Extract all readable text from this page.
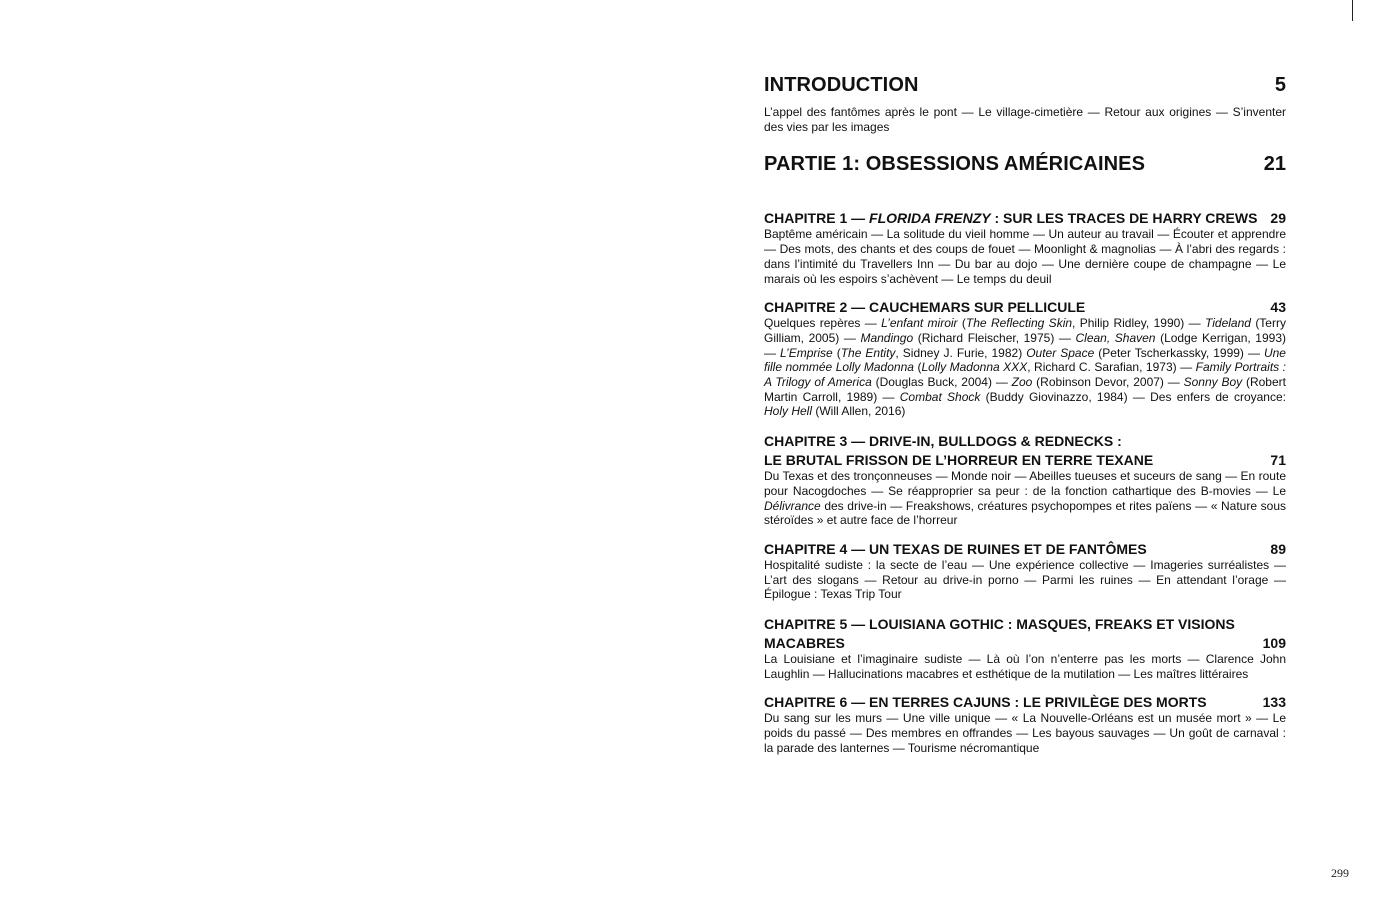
INTRODUCTION	5

L’appel des fantômes après le pont — Le village-cimetière — Retour aux origines — S’inventer des vies par les images

PARTIE 1: OBSESSIONS AMÉRICAINES	21
CHAPITRE 1 — FLORIDA FRENZY : SUR LES TRACES DE HARRY CREWS 29

Baptême américain — La solitude du vieil homme — Un auteur au travail — Écouter et apprendre — Des mots, des chants et des coups de fouet — Moonlight & magnolias — À l’abri des regards : dans l’intimité du Travellers Inn — Du bar au dojo — Une dernière coupe de champagne — Le marais où les espoirs s’achèvent — Le temps du deuil

CHAPITRE 2 — CAUCHEMARS SUR PELLICULE	43

Quelques repères — L’enfant miroir (The Reflecting Skin, Philip Ridley, 1990) — Tideland (Terry Gilliam, 2005) — Mandingo (Richard Fleischer, 1975) — Clean, Shaven (Lodge Kerrigan, 1993) — L’Emprise (The Entity, Sidney J. Furie, 1982) Outer Space (Peter Tscherkassky, 1999) — Une fille nommée Lolly Madonna (Lolly Madonna XXX, Richard C. Sarafian, 1973) — Family Portraits : A Trilogy of America (Douglas Buck, 2004) — Zoo (Robinson Devor, 2007) — Sonny Boy (Robert Martin Carroll, 1989) — Combat Shock (Buddy Giovinazzo, 1984) — Des enfers de croyance: Holy Hell (Will Allen, 2016)

CHAPITRE 3 — DRIVE-IN, BULLDOGS & REDNECKS :
LE BRUTAL FRISSON DE L’HORREUR EN TERRE TEXANE	71

Du Texas et des tronçonneuses — Monde noir — Abeilles tueuses et suceurs de sang — En route pour Nacogdoches — Se réapproprier sa peur : de la fonction cathartique des B-movies — Le Délivrance des drive-in — Freakshows, créatures psychopompes et rites païens — « Nature sous stéroïdes » et autre face de l’horreur

CHAPITRE 4 — UN TEXAS DE RUINES ET DE FANTÔMES	89

Hospitalité sudiste : la secte de l’eau — Une expérience collective — Imageries surréalistes — L’art des slogans — Retour au drive-in porno — Parmi les ruines — En attendant l’orage — Épilogue : Texas Trip Tour

CHAPITRE 5 — LOUISIANA GOTHIC : MASQUES, FREAKS ET VISIONS
MACABRES	109

La Louisiane et l’imaginaire sudiste — Là où l’on n’enterre pas les morts — Clarence John Laughlin — Hallucinations macabres et esthétique de la mutilation — Les maîtres littéraires

CHAPITRE 6 — EN TERRES CAJUNS : LE PRIVILÈGE DES MORTS	133

Du sang sur les murs — Une ville unique — « La Nouvelle-Orléans est un musée mort » — Le poids du passé — Des membres en offrandes — Les bayous sauvages — Un goût de carnaval : la parade des lanternes — Tourisme nécromantique

299
